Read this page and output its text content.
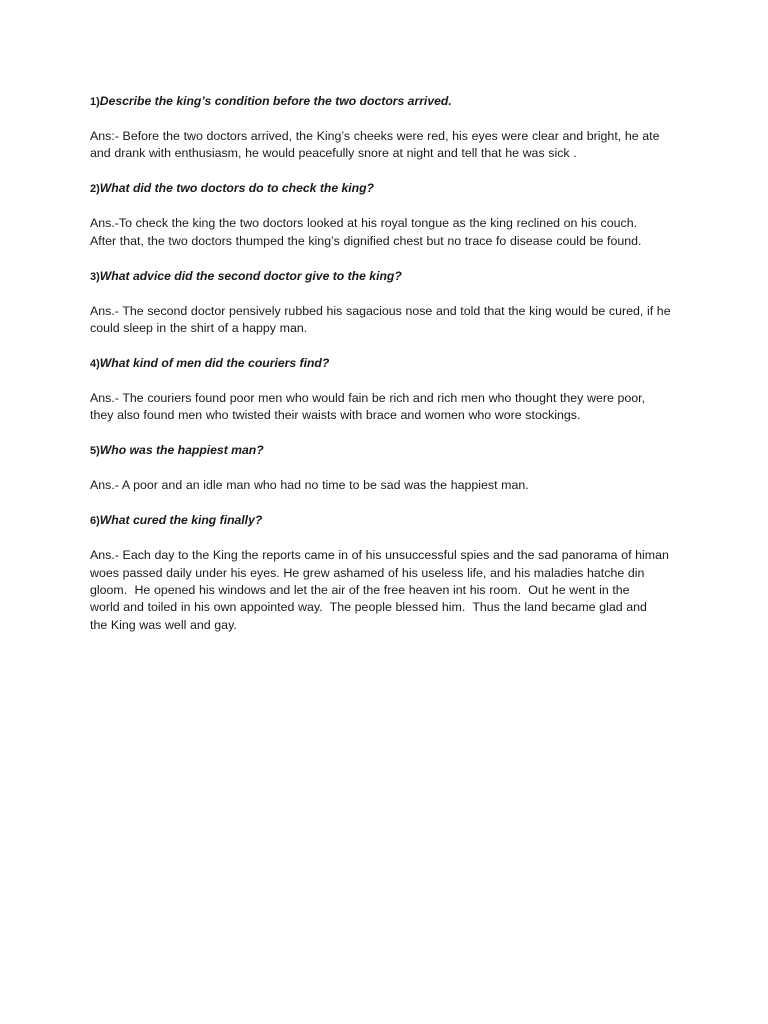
1)Describe the king’s condition before the two doctors arrived.

Ans:- Before the two doctors arrived, the King’s cheeks were red, his eyes were clear and bright, he ate
and drank with enthusiasm, he would peacefully snore at night and tell that he was sick .

2)What did the two doctors do to check the king?

Ans.-To check the king the two doctors looked at his royal tongue as the king reclined on his couch.
After that, the two doctors thumped the king’s dignified chest but no trace fo disease could be found.

3)What advice did the second doctor give to the king?

Ans.- The second doctor pensively rubbed his sagacious nose and told that the king would be cured, if he
could sleep in the shirt of a happy man.

4)What kind of men did the couriers find?

Ans.- The couriers found poor men who would fain be rich and rich men who thought they were poor,
they also found men who twisted their waists with brace and women who wore stockings.

5)Who was the happiest man?

Ans.- A poor and an idle man who had no time to be sad was the happiest man.

6)What cured the king finally?

Ans.- Each day to the King the reports came in of his unsuccessful spies and the sad panorama of himan
woes passed daily under his eyes. He grew ashamed of his useless life, and his maladies hatche din
gloom.  He opened his windows and let the air of the free heaven int his room.  Out he went in the
world and toiled in his own appointed way.  The people blessed him.  Thus the land became glad and
the King was well and gay.
